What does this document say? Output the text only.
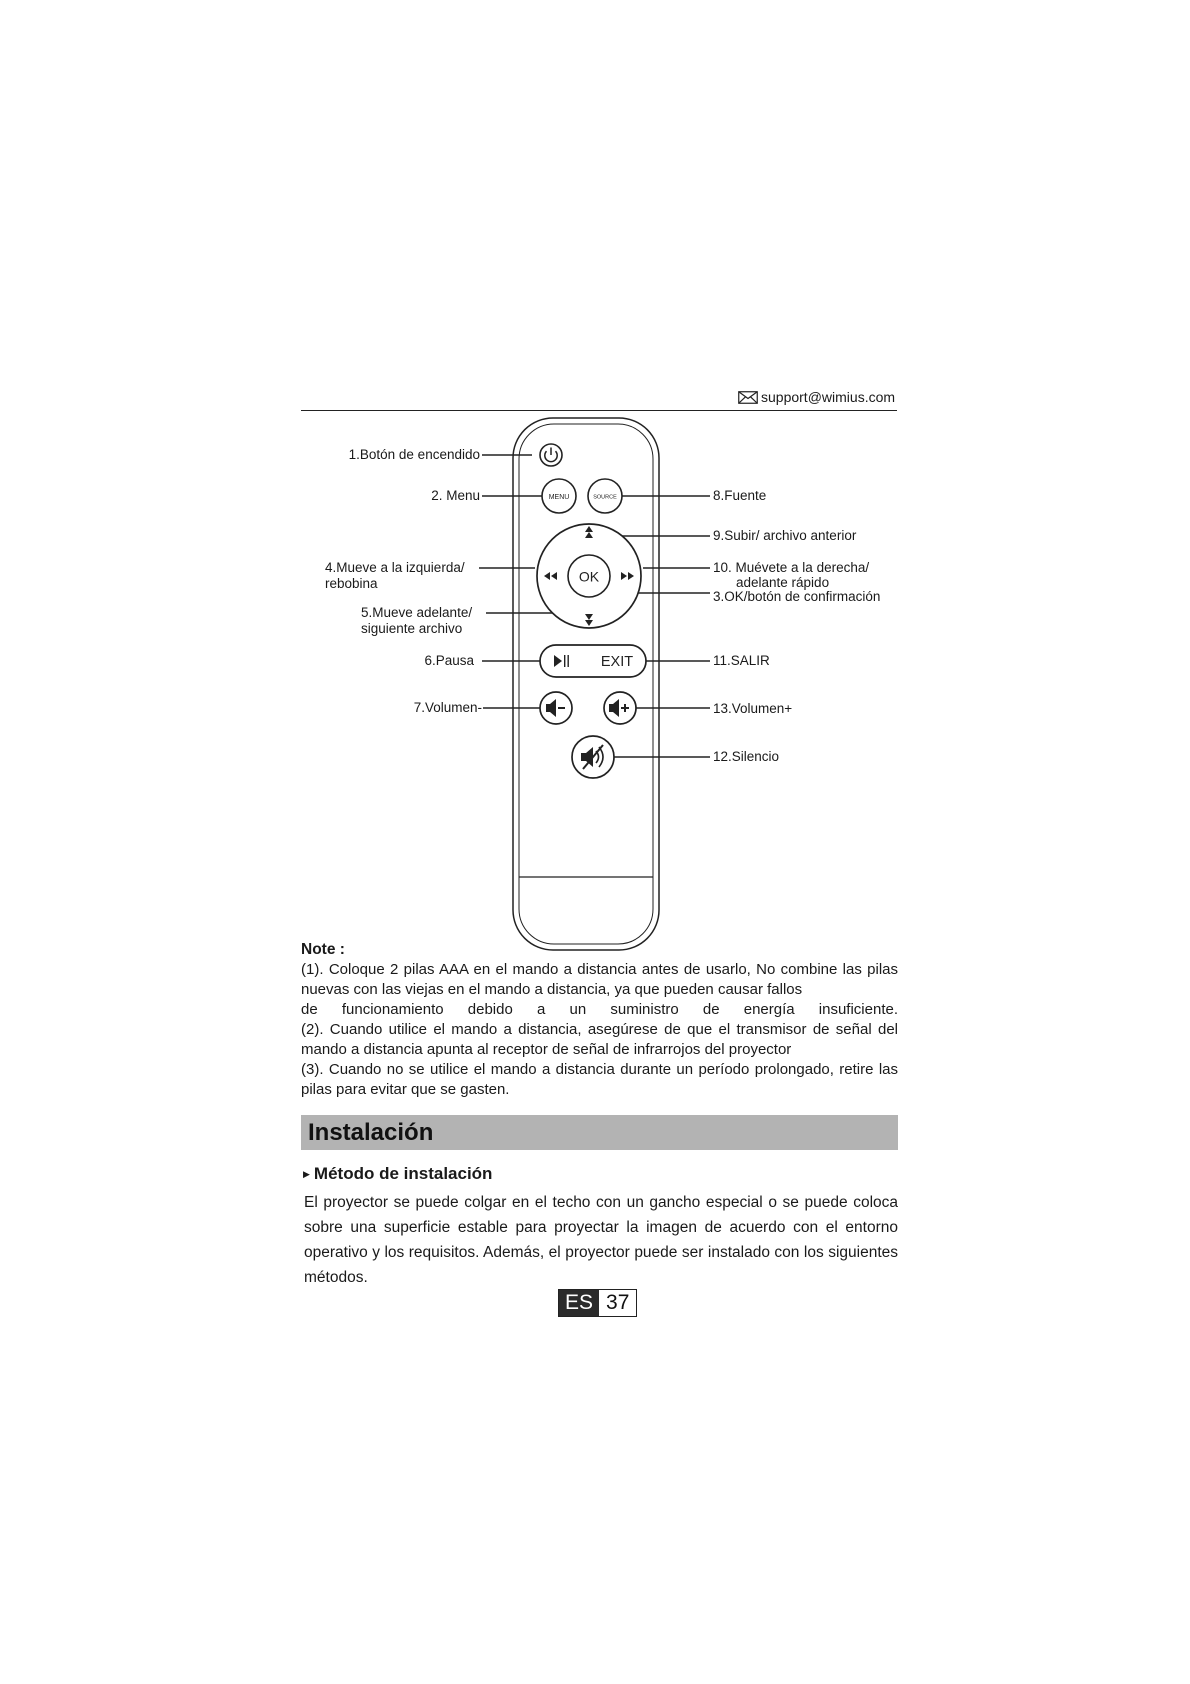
support@wimius.com
MENU	SOURCE
OK
EXIT
1.Botón de encendido
2. Menu
4.Mueve a la izquierda/
rebobina
5.Mueve adelante/
siguiente archivo
6.Pausa
7.Volumen-
8.Fuente
9.Subir/ archivo anterior
10. Muévete a la derecha/
adelante rápido
3.OK/botón de confirmación
11.SALIR
13.Volumen+
12.Silencio
Note :

(1). Coloque 2 pilas AAA en el mando a distancia antes de usarlo, No combine las pilas nuevas con las viejas en el mando a distancia, ya que pueden causar fallos

de funcionamiento debido a un suministro de energía insuficiente.

(2). Cuando utilice el mando a distancia, asegúrese de que el transmisor de señal del mando a distancia apunta al receptor de señal de infrarrojos del proyector

(3). Cuando no se utilice el mando a distancia durante un período prolongado, retire las pilas para evitar que se gasten.

Instalación
▶ Método de instalación
El proyector se puede colgar en el techo con un gancho especial o se puede coloca sobre una superficie estable para proyectar la imagen de acuerdo con el entorno operativo y los requisitos. Además, el proyector puede ser instalado con los siguientes métodos.
ES 37
